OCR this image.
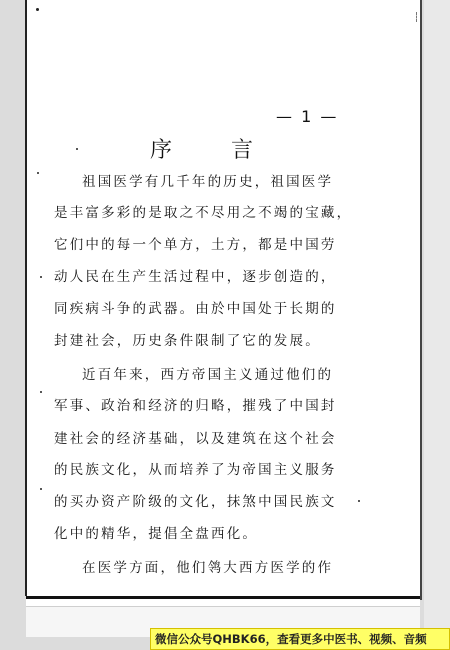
— 1 —
序 言
祖国医学有几千年的历史，祖国医学
是丰富多彩的是取之不尽用之不竭的宝藏，
它们中的每一个单方，土方，都是中国劳
动人民在生产生活过程中，逐步创造的，
同疾病斗争的武器。由於中国处于长期的
封建社会，历史条件限制了它的发展。
近百年来，西方帝国主义通过他们的
军事、政治和经济的归略，摧残了中国封
建社会的经济基础，以及建筑在这个社会
的民族文化，从而培养了为帝国主义服务
的买办资产阶级的文化，抹煞中国民族文
化中的精华，提倡全盘西化。
在医学方面，他们鸰大西方医学的作
微信公众号QHBK66，查看更多中医书、视频、音频
